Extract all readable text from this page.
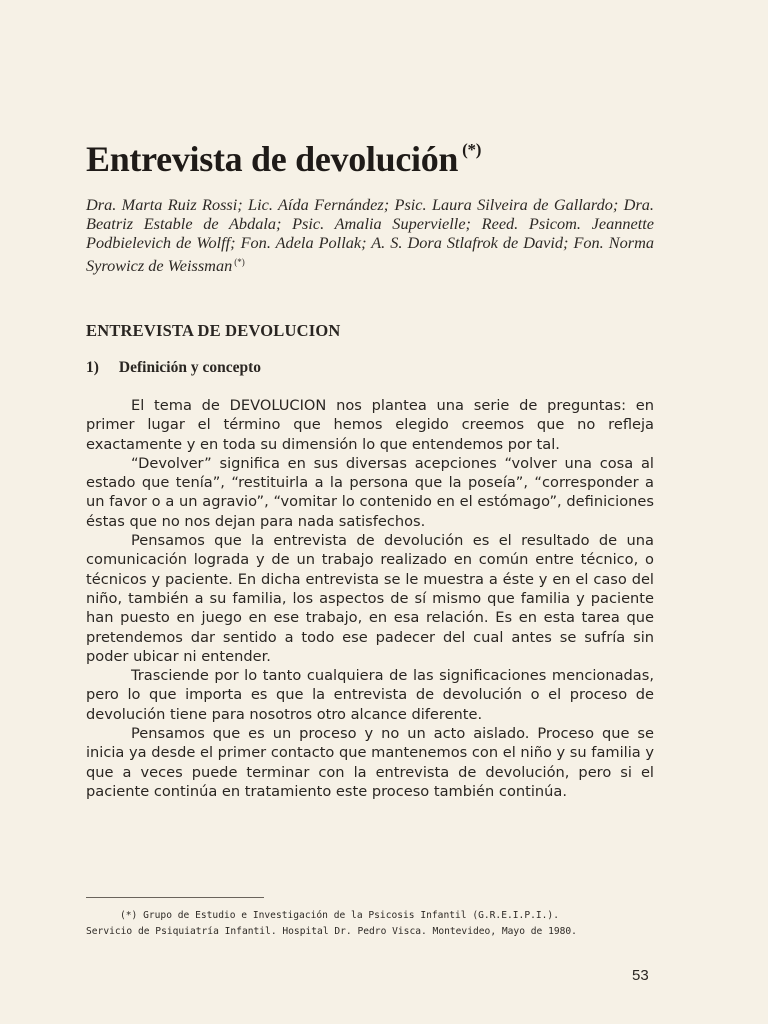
Entrevista de devolución (*)

Dra. Marta Ruiz Rossi; Lic. Aída Fernández; Psic. Laura Silveira de Gallardo; Dra. Beatriz Estable de Abdala; Psic. Amalia Supervielle; Reed. Psicom. Jeannette Podbielevich de Wolff; Fon. Adela Pollak; A. S. Dora Stlafrok de David; Fon. Norma Syrowicz de Weissman (*)

ENTREVISTA DE DEVOLUCION
1) Definición y concepto

El tema de DEVOLUCION nos plantea una serie de preguntas: en primer lugar el término que hemos elegido creemos que no refleja exactamente y en toda su dimensión lo que entendemos por tal.

“Devolver” significa en sus diversas acepciones “volver una cosa al estado que tenía”, “restituirla a la persona que la poseía”, “corresponder a un favor o a un agravio”, “vomitar lo contenido en el estómago”, definiciones éstas que no nos dejan para nada satisfechos.

Pensamos que la entrevista de devolución es el resultado de una comunicación lograda y de un trabajo realizado en común entre técnico, o técnicos y paciente. En dicha entrevista se le muestra a éste y en el caso del niño, también a su familia, los aspectos de sí mismo que familia y paciente han puesto en juego en ese trabajo, en esa relación. Es en esta tarea que pretendemos dar sentido a todo ese padecer del cual antes se sufría sin poder ubicar ni entender.

Trasciende por lo tanto cualquiera de las significaciones mencionadas, pero lo que importa es que la entrevista de devolución o el proceso de devolución tiene para nosotros otro alcance diferente.

Pensamos que es un proceso y no un acto aislado. Proceso que se inicia ya desde el primer contacto que mantenemos con el niño y su familia y que a veces puede terminar con la entrevista de devolución, pero si el paciente continúa en tratamiento este proceso también continúa.

(*) Grupo de Estudio e Investigación de la Psicosis Infantil (G.R.E.I.P.I.).
Servicio de Psiquiatría Infantil. Hospital Dr. Pedro Visca. Montevideo, Mayo de 1980.

53
